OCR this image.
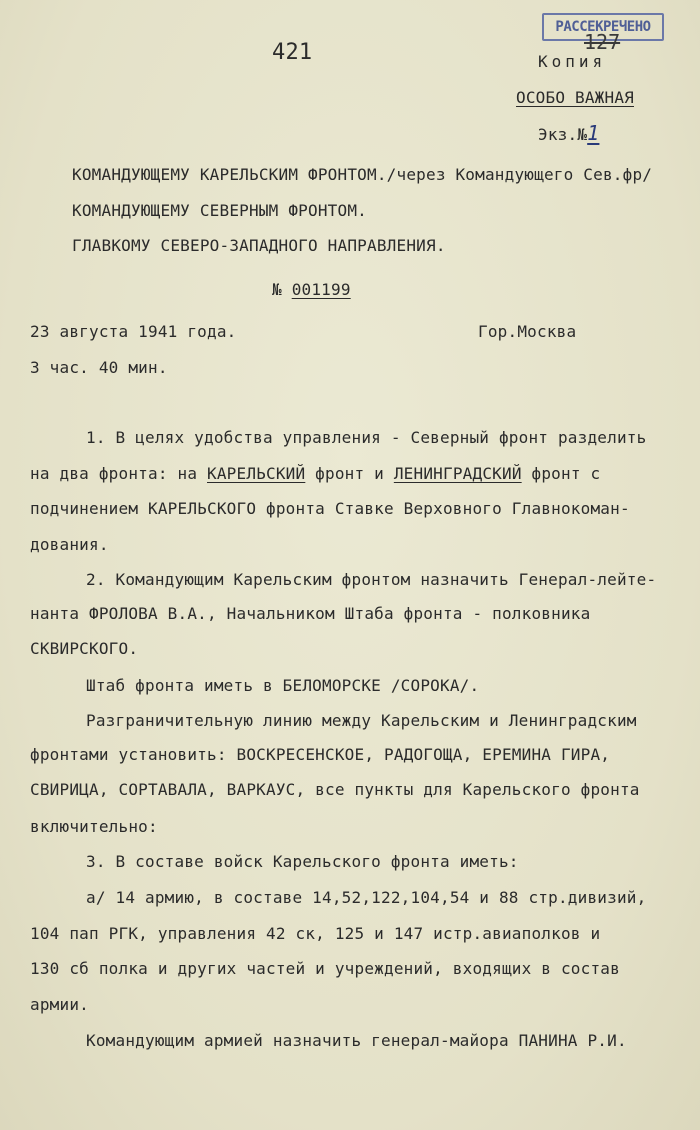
РАССЕКРЕЧЕНО
127
421	Копия
ОСОБО ВАЖНАЯ
Экз.№1
КОМАНДУЮЩЕМУ КАРЕЛЬСКИМ ФРОНТОМ./через Командующего Сев.фр/
КОМАНДУЮЩЕМУ СЕВЕРНЫМ ФРОНТОМ.
ГЛАВКОМУ СЕВЕРО-ЗАПАДНОГО НАПРАВЛЕНИЯ.
№ 001199
23 августа 1941 года.	Гор.Москва
3 час. 40 мин.
1. В целях удобства управления - Северный фронт разделить
на два фронта: на КАРЕЛЬСКИЙ фронт и ЛЕНИНГРАДСКИЙ фронт с
подчинением КАРЕЛЬСКОГО фронта Ставке Верховного Главнокоман-
дования.
2. Командующим Карельским фронтом назначить Генерал-лейте-
нанта ФРОЛОВА В.А., Начальником Штаба фронта - полковника
СКВИРСКОГО.
Штаб фронта иметь в БЕЛОМОРСКЕ /СОРОКА/.
Разграничительную линию между Карельским и Ленинградским
фронтами установить: ВОСКРЕСЕНСКОЕ, РАДОГОЩА, ЕРЕМИНА ГИРА,
СВИРИЦА, СОРТАВАЛА, ВАРКАУС, все пункты для Карельского фронта
включительно:
3. В составе войск Карельского фронта иметь:
а/ 14 армию, в составе 14,52,122,104,54 и 88 стр.дивизий,
104 пап РГК, управления 42 ск, 125 и 147 истр.авиаполков и
130 сб полка и других частей и учреждений, входящих в состав
армии.
Командующим армией назначить генерал-майора ПАНИНА Р.И.
